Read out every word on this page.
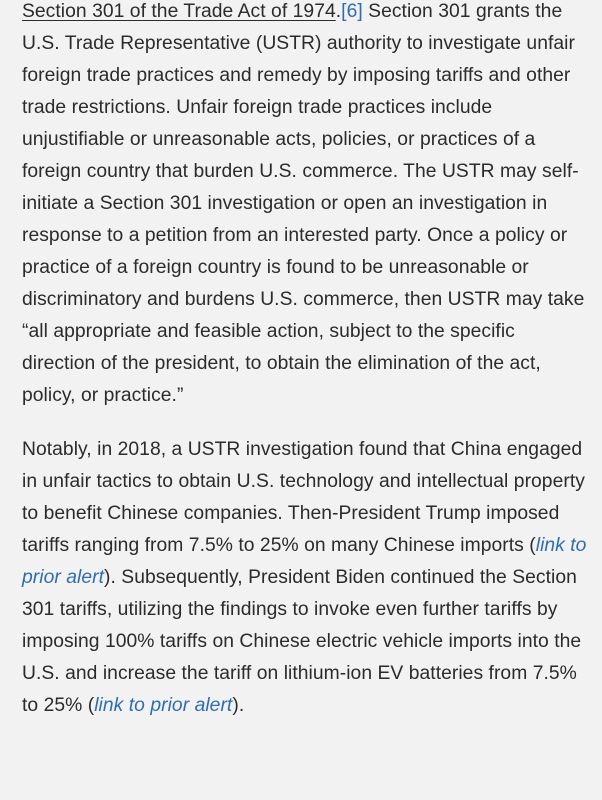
Section 301 of the Trade Act of 1974.[6] Section 301 grants the U.S. Trade Representative (USTR) authority to investigate unfair foreign trade practices and remedy by imposing tariffs and other trade restrictions. Unfair foreign trade practices include unjustifiable or unreasonable acts, policies, or practices of a foreign country that burden U.S. commerce. The USTR may self-initiate a Section 301 investigation or open an investigation in response to a petition from an interested party. Once a policy or practice of a foreign country is found to be unreasonable or discriminatory and burdens U.S. commerce, then USTR may take “all appropriate and feasible action, subject to the specific direction of the president, to obtain the elimination of the act, policy, or practice.”

Notably, in 2018, a USTR investigation found that China engaged in unfair tactics to obtain U.S. technology and intellectual property to benefit Chinese companies. Then-President Trump imposed tariffs ranging from 7.5% to 25% on many Chinese imports (link to prior alert). Subsequently, President Biden continued the Section 301 tariffs, utilizing the findings to invoke even further tariffs by imposing 100% tariffs on Chinese electric vehicle imports into the U.S. and increase the tariff on lithium-ion EV batteries from 7.5% to 25% (link to prior alert).
